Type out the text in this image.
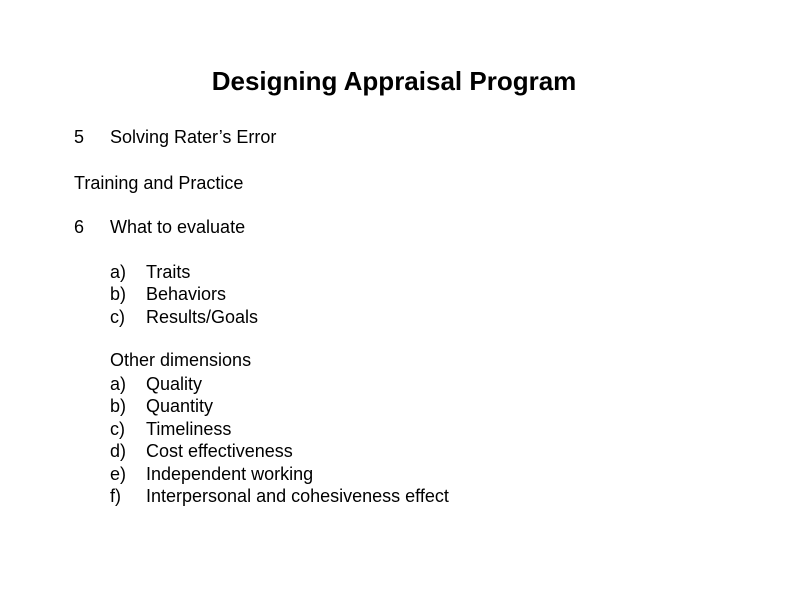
Designing Appraisal Program
5 Solving Rater’s Error
Training and Practice
6 What to evaluate
a)	Traits
b)	Behaviors
c)	Results/Goals
Other dimensions
a)	Quality
b)	Quantity
c)	Timeliness
d)	Cost effectiveness
e)	Independent working
f)	Interpersonal and cohesiveness effect
